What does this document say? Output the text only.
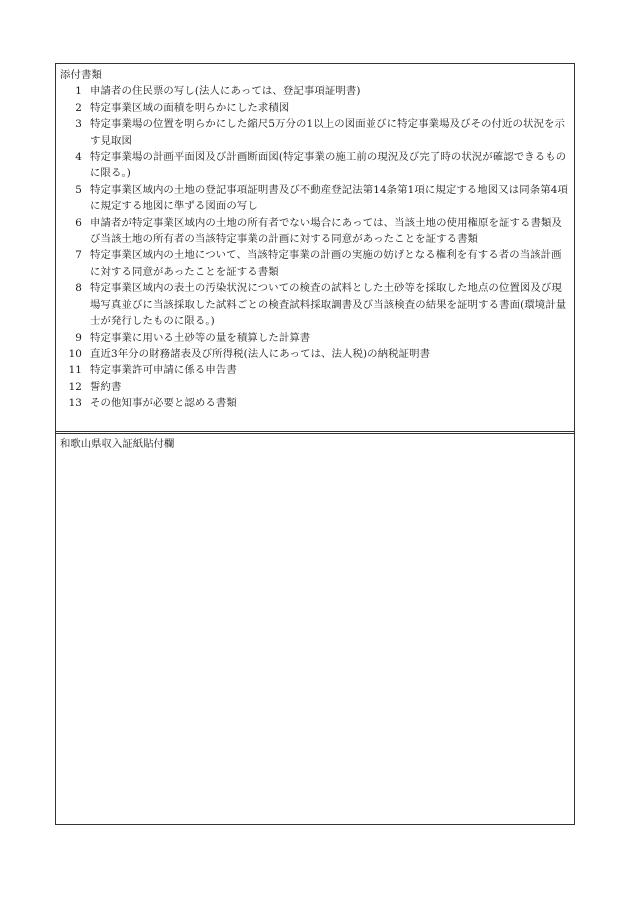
添付書類
1 申請者の住民票の写し(法人にあっては、登記事項証明書)
2 特定事業区域の面積を明らかにした求積図
3 特定事業場の位置を明らかにした縮尺5万分の1以上の図面並びに特定事業場及びその付近の状況を示す見取図
4 特定事業場の計画平面図及び計画断面図(特定事業の施工前の現況及び完了時の状況が確認できるものに限る。)
5 特定事業区域内の土地の登記事項証明書及び不動産登記法第14条第1項に規定する地図又は同条第4項に規定する地図に準ずる図面の写し
6 申請者が特定事業区域内の土地の所有者でない場合にあっては、当該土地の使用権原を証する書類及び当該土地の所有者の当該特定事業の計画に対する同意があったことを証する書類
7 特定事業区域内の土地について、当該特定事業の計画の実施の妨げとなる権利を有する者の当該計画に対する同意があったことを証する書類
8 特定事業区域内の表土の汚染状況についての検査の試料とした土砂等を採取した地点の位置図及び現場写真並びに当該採取した試料ごとの検査試料採取調書及び当該検査の結果を証明する書面(環境計量士が発行したものに限る。)
9 特定事業に用いる土砂等の量を積算した計算書
10 直近3年分の財務諸表及び所得税(法人にあっては、法人税)の納税証明書
11 特定事業許可申請に係る申告書
12 誓約書
13 その他知事が必要と認める書類
和歌山県収入証紙貼付欄
